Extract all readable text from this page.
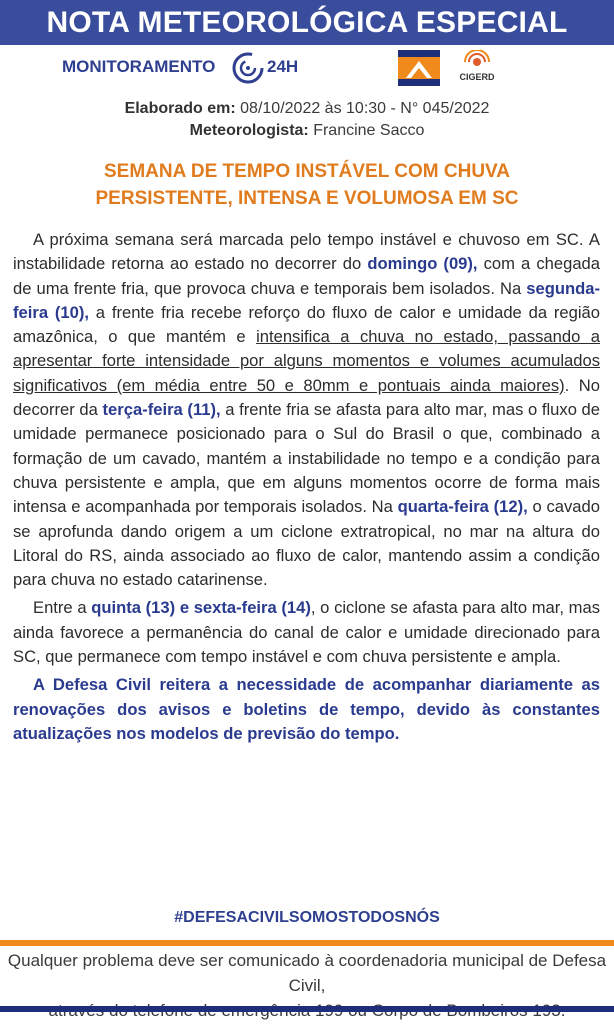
NOTA METEOROLÓGICA ESPECIAL
MONITORAMENTO	24H
CIGERD
Elaborado em: 08/10/2022 às 10:30 - N° 045/2022
Meteorologista: Francine Sacco
SEMANA DE TEMPO INSTÁVEL COM CHUVA
PERSISTENTE, INTENSA E VOLUMOSA EM SC

A próxima semana será marcada pelo tempo instável e chuvoso em SC. A instabilidade retorna ao estado no decorrer do domingo (09), com a chegada de uma frente fria, que provoca chuva e temporais bem isolados. Na segunda-feira (10), a frente fria recebe reforço do fluxo de calor e umidade da região amazônica, o que mantém e intensifica a chuva no estado, passando a apresentar forte intensidade por alguns momentos e volumes acumulados significativos (em média entre 50 e 80mm e pontuais ainda maiores). No decorrer da terça-feira (11), a frente fria se afasta para alto mar, mas o fluxo de umidade permanece posicionado para o Sul do Brasil o que, combinado a formação de um cavado, mantém a instabilidade no tempo e a condição para chuva persistente e ampla, que em alguns momentos ocorre de forma mais intensa e acompanhada por temporais isolados. Na quarta-feira (12), o cavado se aprofunda dando origem a um ciclone extratropical, no mar na altura do Litoral do RS, ainda associado ao fluxo de calor, mantendo assim a condição para chuva no estado catarinense.

Entre a quinta (13) e sexta-feira (14), o ciclone se afasta para alto mar, mas ainda favorece a permanência do canal de calor e umidade direcionado para SC, que permanece com tempo instável e com chuva persistente e ampla.

A Defesa Civil reitera a necessidade de acompanhar diariamente as renovações dos avisos e boletins de tempo, devido às constantes atualizações nos modelos de previsão do tempo.

#DEFESACIVILSOMOSTODOSNÓS
Qualquer problema deve ser comunicado à coordenadoria municipal de Defesa Civil,
